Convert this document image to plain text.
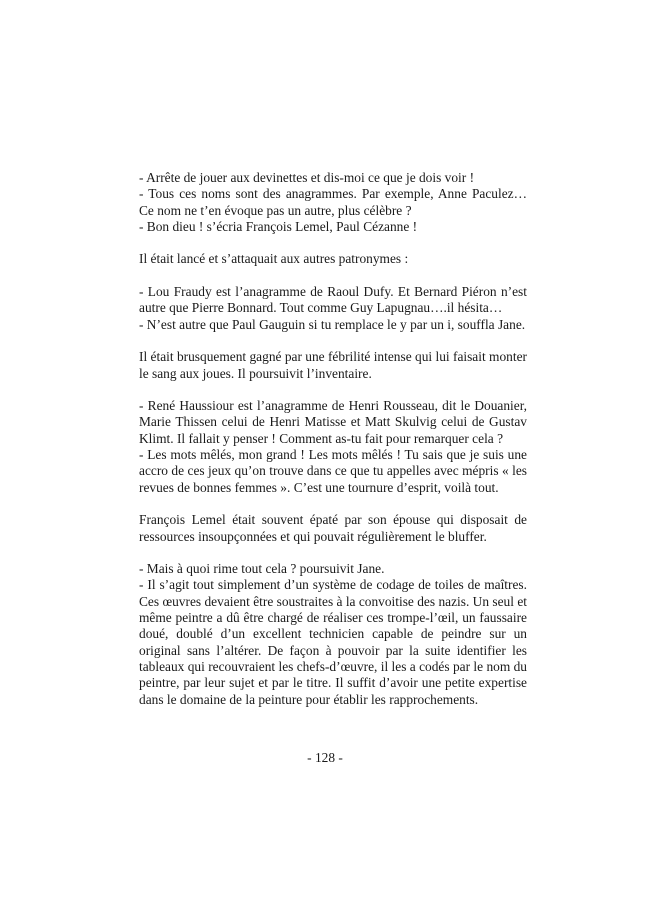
- Arrête de jouer aux devinettes et dis-moi ce que je dois voir !

- Tous ces noms sont des anagrammes. Par exemple, Anne Paculez… Ce nom ne t’en évoque pas un autre, plus célèbre ?

- Bon dieu ! s’écria François Lemel, Paul Cézanne !

Il était lancé et s’attaquait aux autres patronymes :

- Lou Fraudy est l’anagramme de Raoul Dufy. Et Bernard Piéron n’est autre que Pierre Bonnard. Tout comme Guy Lapugnau….il hésita…

- N’est autre que Paul Gauguin si tu remplace le y par un i, souffla Jane.

Il était brusquement gagné par une fébrilité intense qui lui faisait monter le sang aux joues. Il poursuivit l’inventaire.

- René Haussiour est l’anagramme de Henri Rousseau, dit le Douanier, Marie Thissen celui de Henri Matisse et Matt Skulvig celui de Gustav Klimt. Il fallait y penser ! Comment as-tu fait pour remarquer cela ?

- Les mots mêlés, mon grand ! Les mots mêlés ! Tu sais que je suis une accro de ces jeux qu’on trouve dans ce que tu appelles avec mépris « les revues de bonnes femmes ». C’est une tournure d’esprit, voilà tout.

François Lemel était souvent épaté par son épouse qui disposait de ressources insoupçonnées et qui pouvait régulièrement le bluffer.

- Mais à quoi rime tout cela ? poursuivit Jane.

- Il s’agit tout simplement d’un système de codage de toiles de maîtres. Ces œuvres devaient être soustraites à la convoitise des nazis. Un seul et même peintre a dû être chargé de réaliser ces trompe-l’œil, un faussaire doué, doublé d’un excellent technicien capable de peindre sur un original sans l’altérer. De façon à pouvoir par la suite identifier les tableaux qui recouvraient les chefs-d’œuvre, il les a codés par le nom du peintre, par leur sujet et par le titre. Il suffit d’avoir une petite expertise dans le domaine de la peinture pour établir les rapprochements.

- 128 -
